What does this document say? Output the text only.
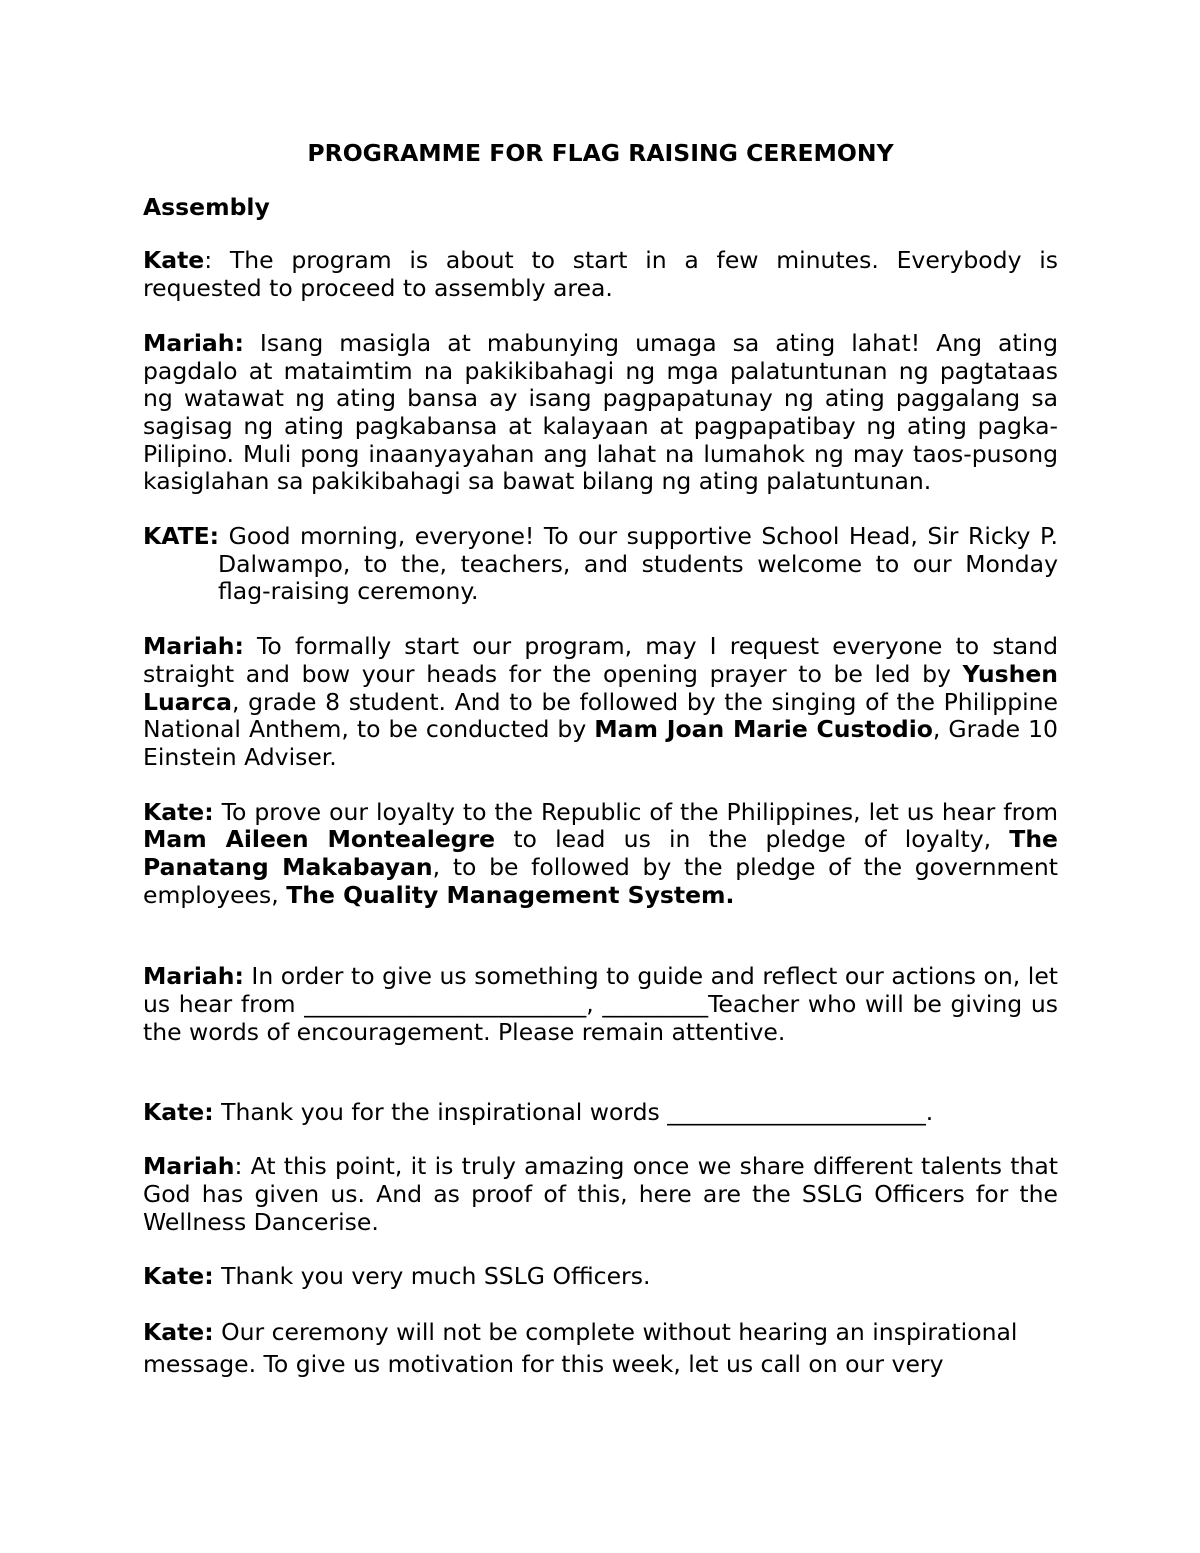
PROGRAMME FOR FLAG RAISING CEREMONY

Assembly

Kate: The program is about to start in a few minutes. Everybody is requested to proceed to assembly area.

Mariah: Isang masigla at mabunying umaga sa ating lahat! Ang ating pagdalo at mataimtim na pakikibahagi ng mga palatuntunan ng pagtataas ng watawat ng ating bansa ay isang pagpapatunay ng ating paggalang sa sagisag ng ating pagkabansa at kalayaan at pagpapatibay ng ating pagka-Pilipino. Muli pong inaanyayahan ang lahat na lumahok ng may taos-pusong kasiglahan sa pakikibahagi sa bawat bilang ng ating palatuntunan.

KATE: Good morning, everyone! To our supportive School Head, Sir Ricky P. Dalwampo, to the, teachers, and students welcome to our Monday flag-raising ceremony.

Mariah: To formally start our program, may I request everyone to stand straight and bow your heads for the opening prayer to be led by Yushen Luarca, grade 8 student. And to be followed by the singing of the Philippine National Anthem, to be conducted by Mam Joan Marie Custodio, Grade 10 Einstein Adviser.

Kate: To prove our loyalty to the Republic of the Philippines, let us hear from Mam Aileen Montealegre to lead us in the pledge of loyalty, The Panatang Makabayan, to be followed by the pledge of the government employees, The Quality Management System.

Mariah: In order to give us something to guide and reflect our actions on, let us hear from ________________________, _________Teacher who will be giving us the words of encouragement. Please remain attentive.

Kate: Thank you for the inspirational words ______________________.

Mariah: At this point, it is truly amazing once we share different talents that God has given us. And as proof of this, here are the SSLG Officers for the Wellness Dancerise.

Kate: Thank you very much SSLG Officers.

Kate: Our ceremony will not be complete without hearing an inspirational message. To give us motivation for this week, let us call on our very
